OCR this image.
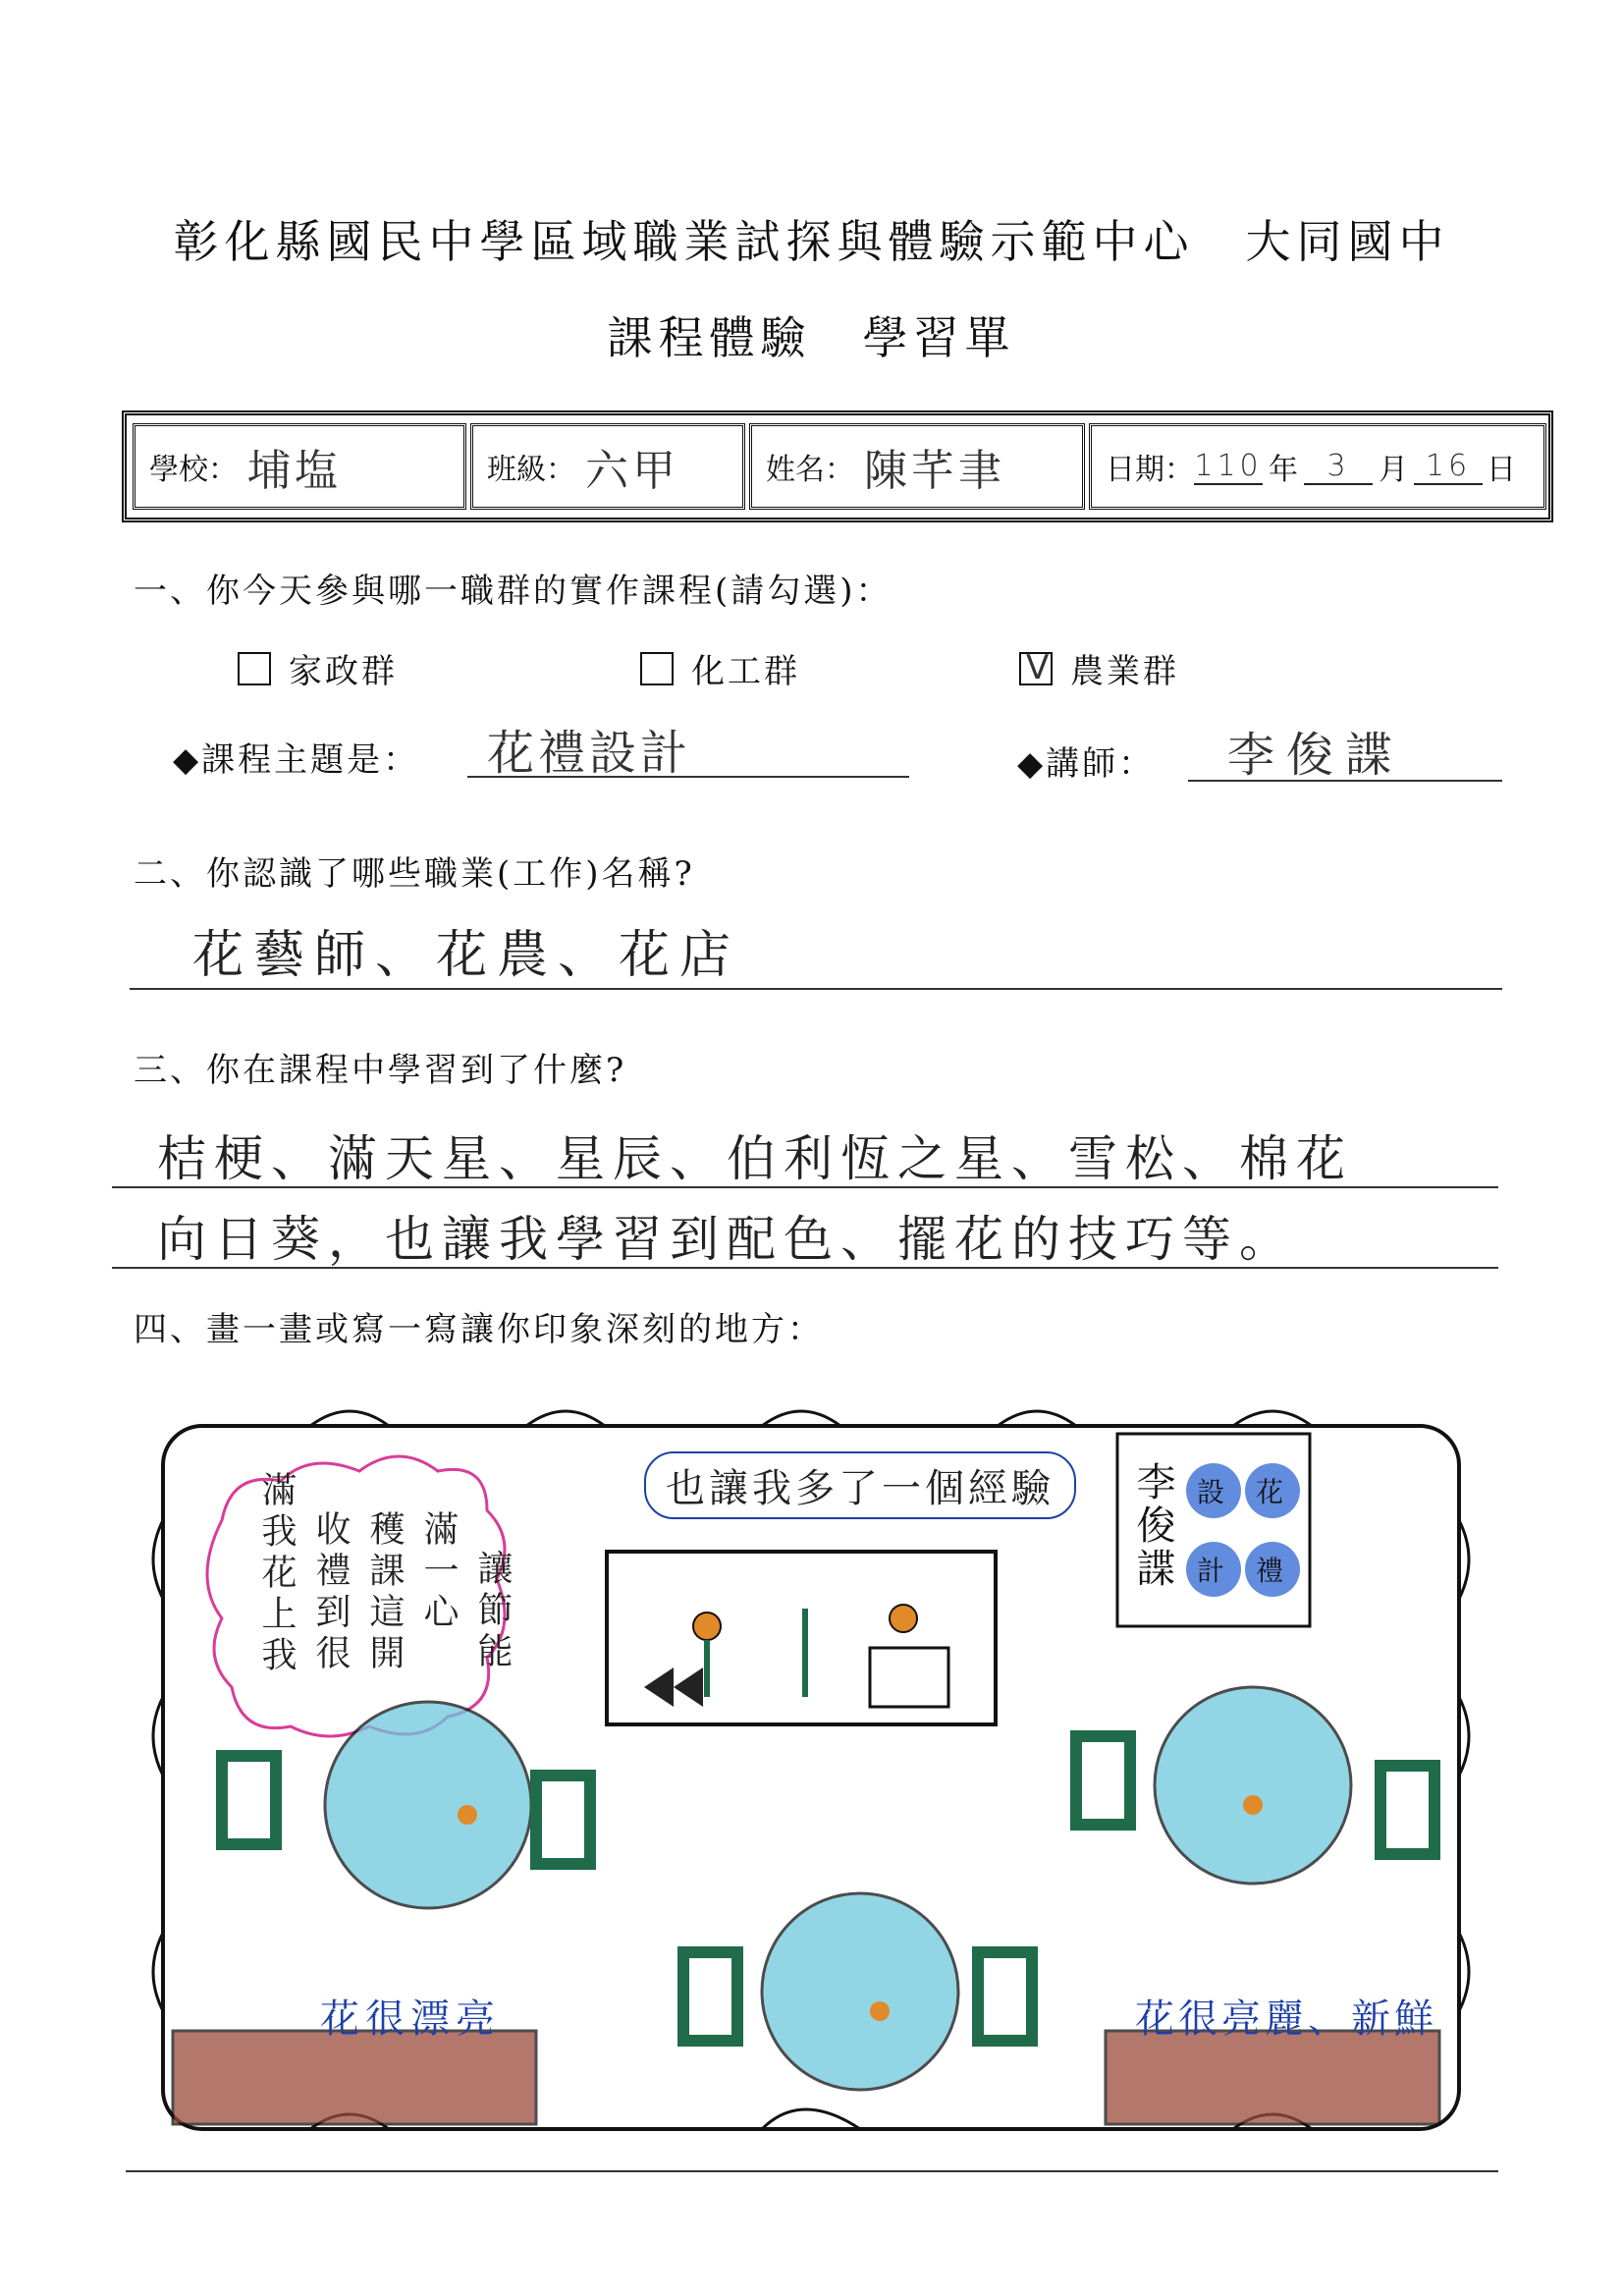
彰化縣國民中學區域職業試探與體驗示範中心　大同國中
課程體驗　學習單
學校： 埔塩	班級： 六甲	姓名： 陳芊聿	日期： 110 年 3 月 16 日
一、你今天參與哪一職群的實作課程(請勾選)：
家政群	化工群
V	農業群
◆課程主題是：	花禮設計	◆講師：	李俊諜
二、你認識了哪些職業(工作)名稱?
花藝師、花農、花店
三、你在課程中學習到了什麼?
桔梗、滿天星、星辰、伯利恆之星、雪松、棉花
向日葵，也讓我學習到配色、擺花的技巧等。
四、畫一畫或寫一寫讓你印象深刻的地方：
滿我花上我 收禮到很 穫課這開 滿一心 讓節能
也讓我多了一個經驗	李俊諜 設 花
計 禮
花很漂亮	花很亮麗、新鮮
